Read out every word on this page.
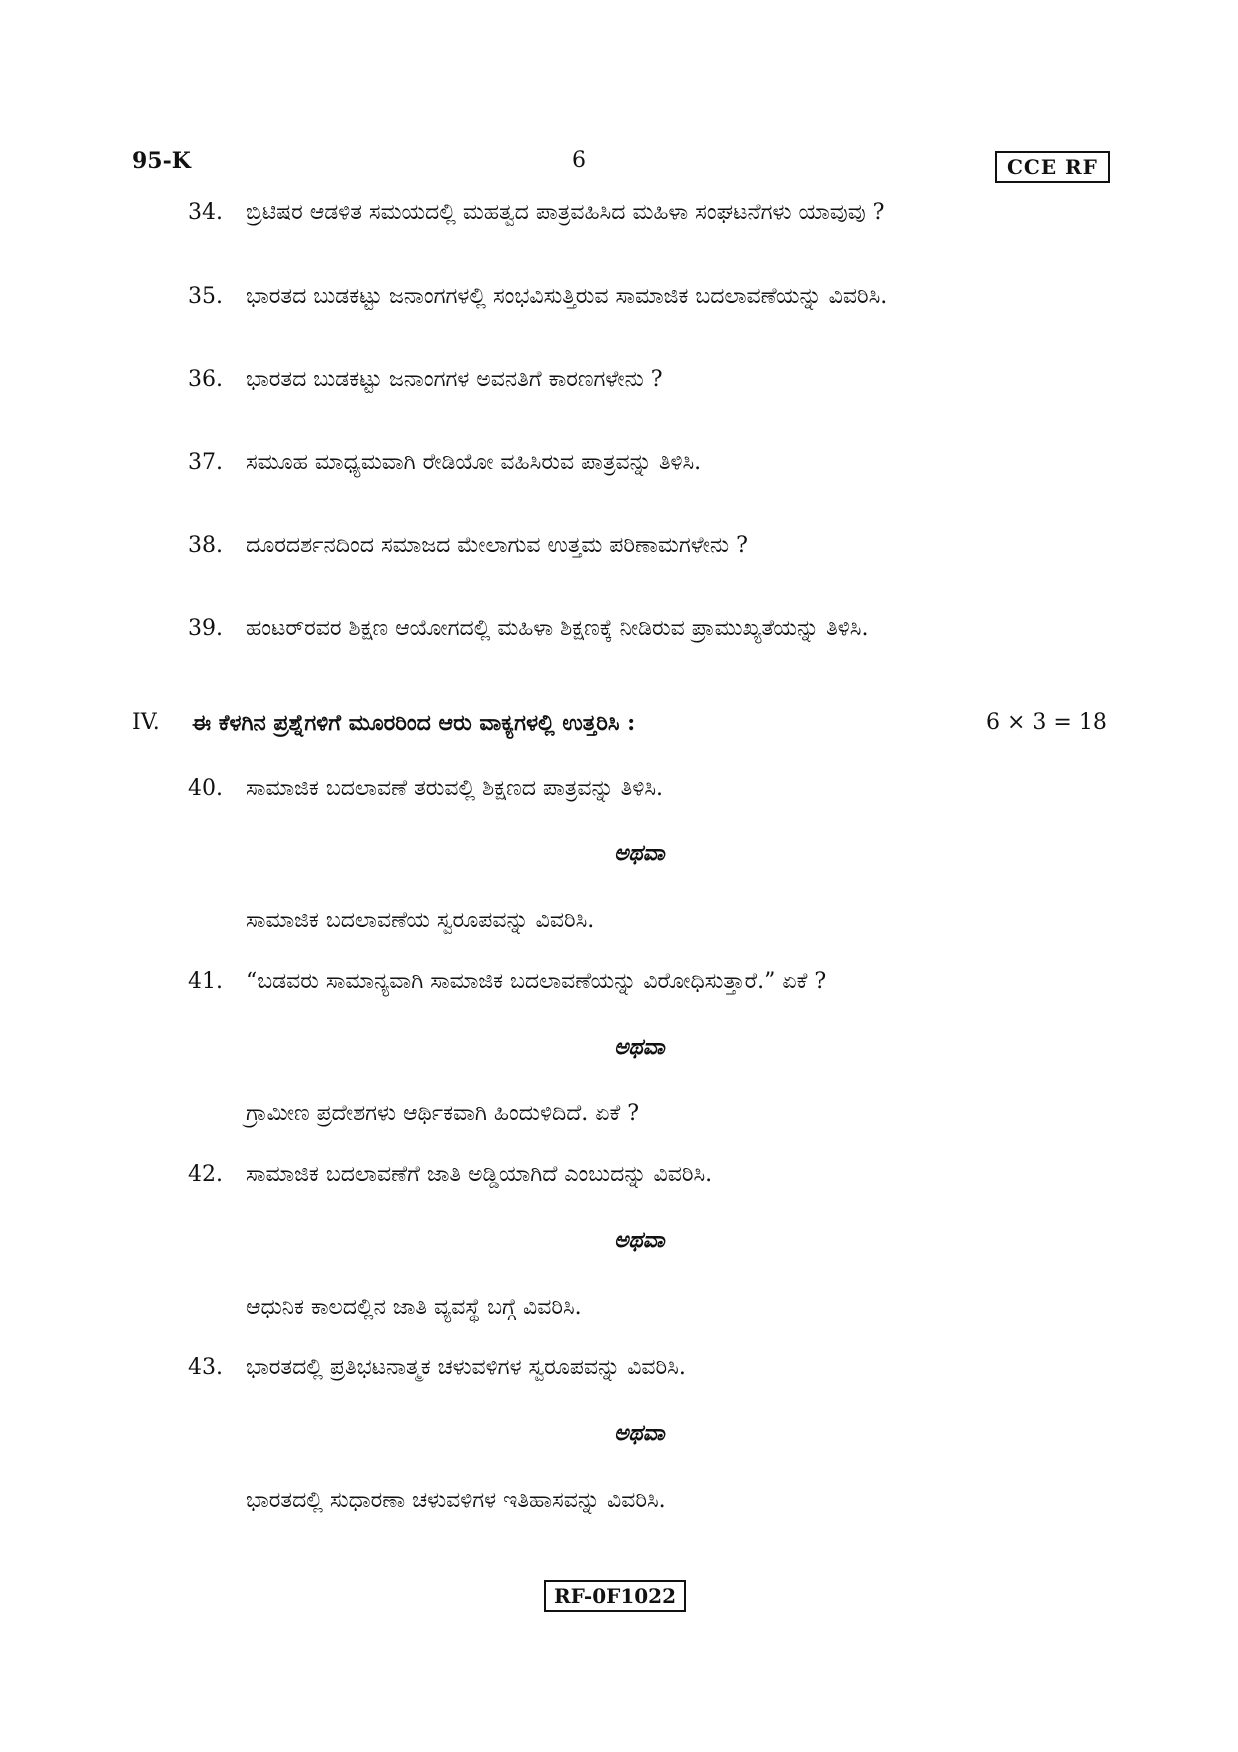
95-K	6	CCE RF
34. ಬ್ರಿಟಿಷರ ಆಡಳಿತ ಸಮಯದಲ್ಲಿ ಮಹತ್ವದ ಪಾತ್ರವಹಿಸಿದ ಮಹಿಳಾ ಸಂಘಟನೆಗಳು ಯಾವುವು ?
35. ಭಾರತದ ಬುಡಕಟ್ಟು ಜನಾಂಗಗಳಲ್ಲಿ ಸಂಭವಿಸುತ್ತಿರುವ ಸಾಮಾಜಿಕ ಬದಲಾವಣೆಯನ್ನು ವಿವರಿಸಿ.
36. ಭಾರತದ ಬುಡಕಟ್ಟು ಜನಾಂಗಗಳ ಅವನತಿಗೆ ಕಾರಣಗಳೇನು ?
37. ಸಮೂಹ ಮಾಧ್ಯಮವಾಗಿ ರೇಡಿಯೋ ವಹಿಸಿರುವ ಪಾತ್ರವನ್ನು ತಿಳಿಸಿ.
38. ದೂರದರ್ಶನದಿಂದ ಸಮಾಜದ ಮೇಲಾಗುವ ಉತ್ತಮ ಪರಿಣಾಮಗಳೇನು ?
39. ಹಂಟರ್‌ರವರ ಶಿಕ್ಷಣ ಆಯೋಗದಲ್ಲಿ ಮಹಿಳಾ ಶಿಕ್ಷಣಕ್ಕೆ ನೀಡಿರುವ ಪ್ರಾಮುಖ್ಯತೆಯನ್ನು ತಿಳಿಸಿ.
IV. ಈ ಕೆಳಗಿನ ಪ್ರಶ್ನೆಗಳಿಗೆ ಮೂರರಿಂದ ಆರು ವಾಕ್ಯಗಳಲ್ಲಿ ಉತ್ತರಿಸಿ :	6 × 3 = 18
40. ಸಾಮಾಜಿಕ ಬದಲಾವಣೆ ತರುವಲ್ಲಿ ಶಿಕ್ಷಣದ ಪಾತ್ರವನ್ನು ತಿಳಿಸಿ.
ಅಥವಾ
ಸಾಮಾಜಿಕ ಬದಲಾವಣೆಯ ಸ್ವರೂಪವನ್ನು ವಿವರಿಸಿ.
41. “ಬಡವರು ಸಾಮಾನ್ಯವಾಗಿ ಸಾಮಾಜಿಕ ಬದಲಾವಣೆಯನ್ನು ವಿರೋಧಿಸುತ್ತಾರೆ.” ಏಕೆ ?
ಅಥವಾ
ಗ್ರಾಮೀಣ ಪ್ರದೇಶಗಳು ಆರ್ಥಿಕವಾಗಿ ಹಿಂದುಳಿದಿದೆ. ಏಕೆ ?
42. ಸಾಮಾಜಿಕ ಬದಲಾವಣೆಗೆ ಜಾತಿ ಅಡ್ಡಿಯಾಗಿದೆ ಎಂಬುದನ್ನು ವಿವರಿಸಿ.
ಅಥವಾ
ಆಧುನಿಕ ಕಾಲದಲ್ಲಿನ ಜಾತಿ ವ್ಯವಸ್ಥೆ ಬಗ್ಗೆ ವಿವರಿಸಿ.
43. ಭಾರತದಲ್ಲಿ ಪ್ರತಿಭಟನಾತ್ಮಕ ಚಳುವಳಿಗಳ ಸ್ವರೂಪವನ್ನು ವಿವರಿಸಿ.
ಅಥವಾ
ಭಾರತದಲ್ಲಿ ಸುಧಾರಣಾ ಚಳುವಳಿಗಳ ಇತಿಹಾಸವನ್ನು ವಿವರಿಸಿ.
RF-0F1022
